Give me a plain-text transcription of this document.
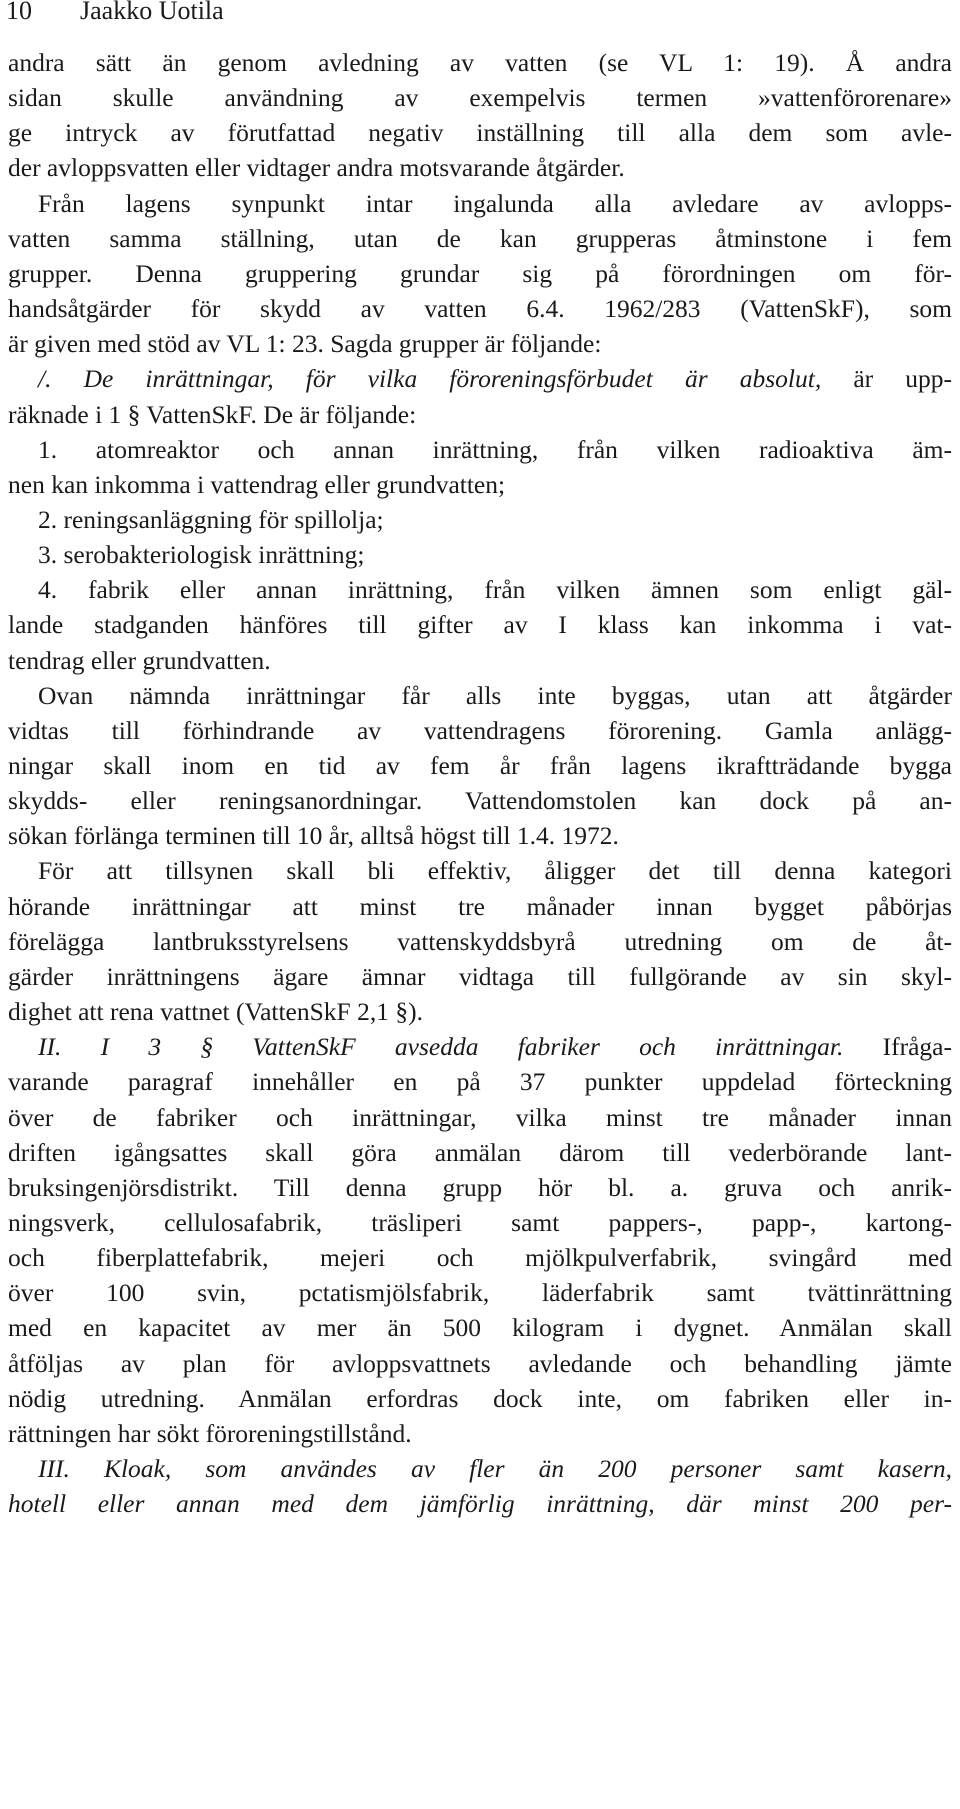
10 Jaakko Uotila
andra sätt än genom avledning av vatten (se VL 1: 19). Å andra
sidan skulle användning av exempelvis termen »vattenförorenare»
ge intryck av förutfattad negativ inställning till alla dem som avle-
der avloppsvatten eller vidtager andra motsvarande åtgärder.
Från lagens synpunkt intar ingalunda alla avledare av avlopps-
vatten samma ställning, utan de kan grupperas åtminstone i fem
grupper. Denna gruppering grundar sig på förordningen om för-
handsåtgärder för skydd av vatten 6.4. 1962/283 (VattenSkF), som
är given med stöd av VL 1: 23. Sagda grupper är följande:
/. De inrättningar, för vilka föroreningsförbudet är absolut, är upp-
räknade i 1 § VattenSkF. De är följande:
1. atomreaktor och annan inrättning, från vilken radioaktiva äm-
nen kan inkomma i vattendrag eller grundvatten;
2. reningsanläggning för spillolja;
3. serobakteriologisk inrättning;
4. fabrik eller annan inrättning, från vilken ämnen som enligt gäl-
lande stadganden hänföres till gifter av I klass kan inkomma i vat-
tendrag eller grundvatten.
Ovan nämnda inrättningar får alls inte byggas, utan att åtgärder
vidtas till förhindrande av vattendragens förorening. Gamla anlägg-
ningar skall inom en tid av fem år från lagens ikraftträdande bygga
skydds- eller reningsanordningar. Vattendomstolen kan dock på an-
sökan förlänga terminen till 10 år, alltså högst till 1.4. 1972.
För att tillsynen skall bli effektiv, åligger det till denna kategori
hörande inrättningar att minst tre månader innan bygget påbörjas
förelägga lantbruksstyrelsens vattenskyddsbyrå utredning om de åt-
gärder inrättningens ägare ämnar vidtaga till fullgörande av sin skyl-
dighet att rena vattnet (VattenSkF 2,1 §).
II. I 3 § VattenSkF avsedda fabriker och inrättningar. Ifråga-
varande paragraf innehåller en på 37 punkter uppdelad förteckning
över de fabriker och inrättningar, vilka minst tre månader innan
driften igångsattes skall göra anmälan därom till vederbörande lant-
bruksingenjörsdistrikt. Till denna grupp hör bl. a. gruva och anrik-
ningsverk, cellulosafabrik, träsliperi samt pappers-, papp-, kartong-
och fiberplattefabrik, mejeri och mjölkpulverfabrik, svingård med
över 100 svin, pctatismjölsfabrik, läderfabrik samt tvättinrättning
med en kapacitet av mer än 500 kilogram i dygnet. Anmälan skall
åtföljas av plan för avloppsvattnets avledande och behandling jämte
nödig utredning. Anmälan erfordras dock inte, om fabriken eller in-
rättningen har sökt föroreningstillstånd.
III. Kloak, som användes av fler än 200 personer samt kasern,
hotell eller annan med dem jämförlig inrättning, där minst 200 per-
